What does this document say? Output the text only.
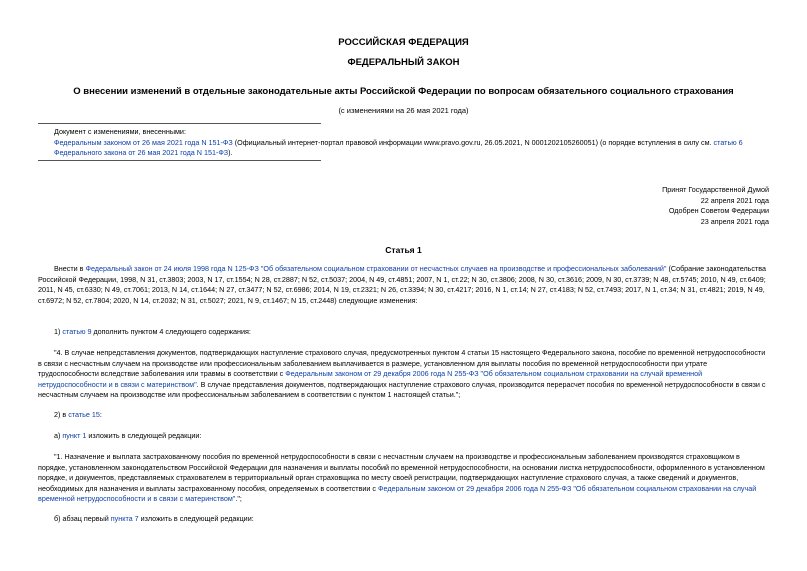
РОССИЙСКАЯ ФЕДЕРАЦИЯ
ФЕДЕРАЛЬНЫЙ ЗАКОН
О внесении изменений в отдельные законодательные акты Российской Федерации по вопросам обязательного социального страхования
(с изменениями на 26 мая 2021 года)

Документ с изменениями, внесенными:

Федеральным законом от 26 мая 2021 года N 151-ФЗ (Официальный интернет-портал правовой информации www.pravo.gov.ru, 26.05.2021, N 0001202105260051) (о порядке вступления в силу см. статью 6 Федерального закона от 26 мая 2021 года N 151-ФЗ).

Принят Государственной Думой
22 апреля 2021 года
Одобрен Советом Федерации
23 апреля 2021 года
Статья 1
Внести в Федеральный закон от 24 июля 1998 года N 125-ФЗ "Об обязательном социальном страховании от несчастных случаев на производстве и профессиональных заболеваний" (Собрание законодательства Российской Федерации, 1998, N 31, ст.3803; 2003, N 17, ст.1554; N 28, ст.2887; N 52, ст.5037; 2004, N 49, ст.4851; 2007, N 1, ст.22; N 30, ст.3806; 2008, N 30, ст.3616; 2009, N 30, ст.3739; N 48, ст.5745; 2010, N 49, ст.6409; 2011, N 45, ст.6330; N 49, ст.7061; 2013, N 14, ст.1644; N 27, ст.3477; N 52, ст.6986; 2014, N 19, ст.2321; N 26, ст.3394; N 30, ст.4217; 2016, N 1, ст.14; N 27, ст.4183; N 52, ст.7493; 2017, N 1, ст.34; N 31, ст.4821; 2019, N 49, ст.6972; N 52, ст.7804; 2020, N 14, ст.2032; N 31, ст.5027; 2021, N 9, ст.1467; N 15, ст.2448) следующие изменения:
1) статью 9 дополнить пунктом 4 следующего содержания:
"4. В случае непредставления документов, подтверждающих наступление страхового случая, предусмотренных пунктом 4 статьи 15 настоящего Федерального закона, пособие по временной нетрудоспособности в связи с несчастным случаем на производстве или профессиональным заболеванием выплачивается в размере, установленном для выплаты пособия по временной нетрудоспособности при утрате трудоспособности вследствие заболевания или травмы в соответствии с Федеральным законом от 29 декабря 2006 года N 255-ФЗ "Об обязательном социальном страховании на случай временной нетрудоспособности и в связи с материнством". В случае представления документов, подтверждающих наступление страхового случая, производится перерасчет пособия по временной нетрудоспособности в связи с несчастным случаем на производстве или профессиональным заболеванием в соответствии с пунктом 1 настоящей статьи.";
2) в статье 15:
а) пункт 1 изложить в следующей редакции:
"1. Назначение и выплата застрахованному пособия по временной нетрудоспособности в связи с несчастным случаем на производстве и профессиональным заболеванием производятся страховщиком в порядке, установленном законодательством Российской Федерации для назначения и выплаты пособий по временной нетрудоспособности, на основании листка нетрудоспособности, оформленного в установленном порядке, и документов, представляемых страхователем в территориальный орган страховщика по месту своей регистрации, подтверждающих наступление страхового случая, а также сведений и документов, необходимых для назначения и выплаты застрахованному пособия, определяемых в соответствии с Федеральным законом от 29 декабря 2006 года N 255-ФЗ "Об обязательном социальном страховании на случай временной нетрудоспособности и в связи с материнством".";
б) абзац первый пункта 7 изложить в следующей редакции:
